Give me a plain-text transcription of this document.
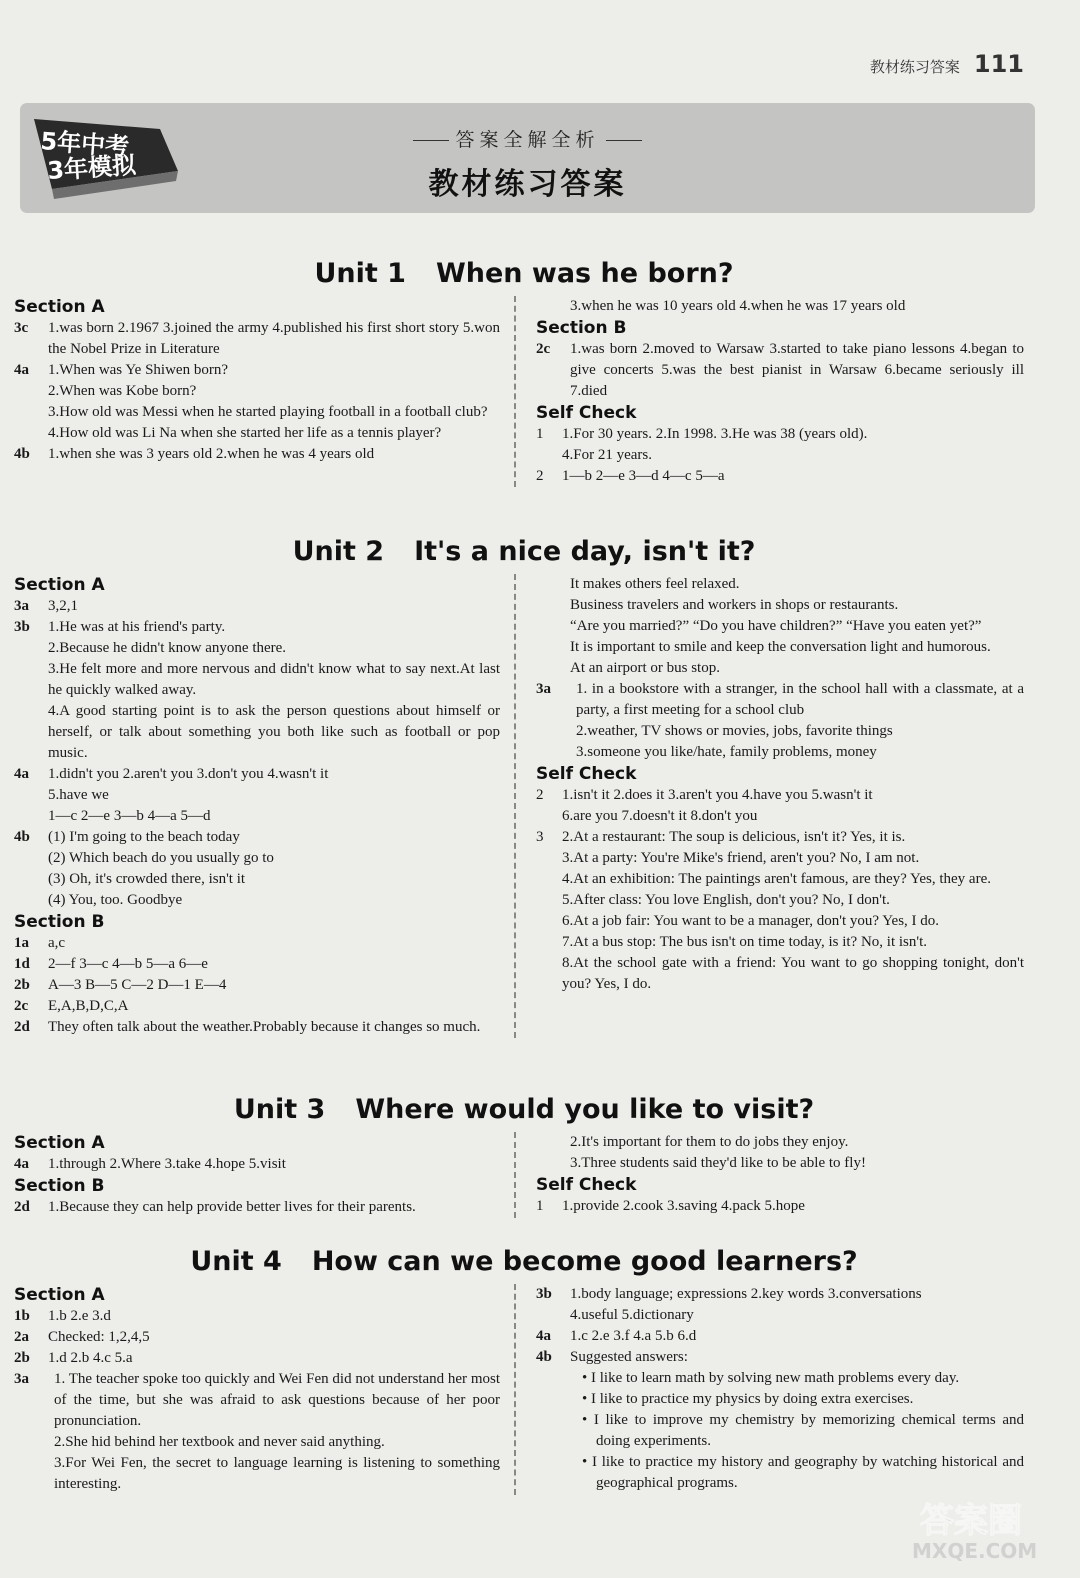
教材练习答案 111
5年中考
3年模拟
答案全解全析
教材练习答案
Unit 1 When was he born?
Section A
3c	1.was born 2.1967 3.joined the army 4.published his first short story 5.won the Nobel Prize in Literature
4a	1.When was Ye Shiwen born?
2.When was Kobe born?
3.How old was Messi when he started playing football in a football club?
4.How old was Li Na when she started her life as a tennis player?
4b	1.when she was 3 years old 2.when he was 4 years old
3.when he was 10 years old 4.when he was 17 years old
Section B
2c	1.was born 2.moved to Warsaw 3.started to take piano lessons 4.began to give concerts 5.was the best pianist in Warsaw 6.became seriously ill 7.died
Self Check
1	1.For 30 years. 2.In 1998. 3.He was 38 (years old).
4.For 21 years.
2	1—b 2—e 3—d 4—c 5—a
Unit 2 It's a nice day, isn't it?
Section A
3a	3,2,1
3b	1.He was at his friend's party.
2.Because he didn't know anyone there.
3.He felt more and more nervous and didn't know what to say next.At last he quickly walked away.
4.A good starting point is to ask the person questions about himself or herself, or talk about something you both like such as football or pop music.
4a	1.didn't you 2.aren't you 3.don't you 4.wasn't it
5.have we
1—c 2—e 3—b 4—a 5—d
4b	(1) I'm going to the beach today
(2) Which beach do you usually go to
(3) Oh, it's crowded there, isn't it
(4) You, too. Goodbye
Section B
1a	a,c
1d	2—f 3—c 4—b 5—a 6—e
2b	A—3 B—5 C—2 D—1 E—4
2c	E,A,B,D,C,A
2d	They often talk about the weather.Probably because it changes so much.
It makes others feel relaxed.
Business travelers and workers in shops or restaurants.
“Are you married?” “Do you have children?” “Have you eaten yet?”
It is important to smile and keep the conversation light and humorous.
At an airport or bus stop.
3a	1. in a bookstore with a stranger, in the school hall with a classmate, at a party, a first meeting for a school club
2.weather, TV shows or movies, jobs, favorite things
3.someone you like/hate, family problems, money
Self Check
2	1.isn't it 2.does it 3.aren't you 4.have you 5.wasn't it
6.are you 7.doesn't it 8.don't you
3	2.At a restaurant: The soup is delicious, isn't it? Yes, it is.
3.At a party: You're Mike's friend, aren't you? No, I am not.
4.At an exhibition: The paintings aren't famous, are they? Yes, they are.
5.After class: You love English, don't you? No, I don't.
6.At a job fair: You want to be a manager, don't you? Yes, I do.
7.At a bus stop: The bus isn't on time today, is it? No, it isn't.
8.At the school gate with a friend: You want to go shopping tonight, don't you? Yes, I do.
Unit 3 Where would you like to visit?
Section A
4a	1.through 2.Where 3.take 4.hope 5.visit
Section B
2d	1.Because they can help provide better lives for their parents.
2.It's important for them to do jobs they enjoy.
3.Three students said they'd like to be able to fly!
Self Check
1	1.provide 2.cook 3.saving 4.pack 5.hope
Unit 4 How can we become good learners?
Section A
1b	1.b 2.e 3.d
2a	Checked: 1,2,4,5
2b	1.d 2.b 4.c 5.a
3a	1. The teacher spoke too quickly and Wei Fen did not understand her most of the time, but she was afraid to ask questions because of her poor pronunciation.
2.She hid behind her textbook and never said anything.
3.For Wei Fen, the secret to language learning is listening to something interesting.
3b	1.body language; expressions 2.key words 3.conversations
4.useful 5.dictionary
4a	1.c 2.e 3.f 4.a 5.b 6.d
4b	Suggested answers:
• I like to learn math by solving new math problems every day.
• I like to practice my physics by doing extra exercises.
• I like to improve my chemistry by memorizing chemical terms and doing experiments.
• I like to practice my history and geography by watching historical and geographical programs.
答案圈
MXQE.COM
